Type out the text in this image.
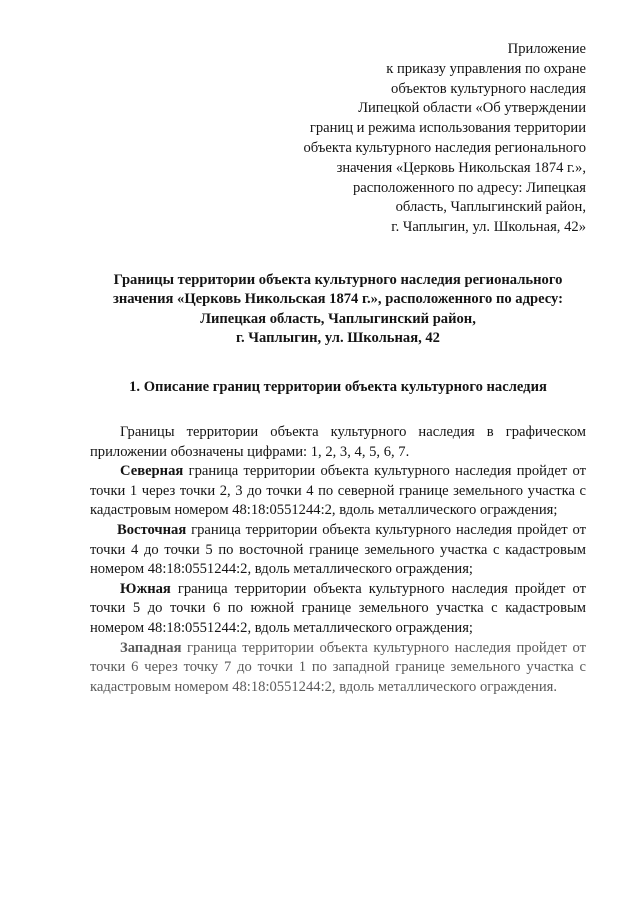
Приложение
к приказу управления по охране
объектов культурного наследия
Липецкой области «Об утверждении
границ и режима использования территории
объекта культурного наследия регионального
значения «Церковь Никольская 1874 г.»,
расположенного по адресу: Липецкая
область, Чаплыгинский район,
г. Чаплыгин, ул. Школьная, 42»
Границы территории объекта культурного наследия регионального
значения «Церковь Никольская 1874 г.», расположенного по адресу:
Липецкая область, Чаплыгинский район,
г. Чаплыгин, ул. Школьная, 42
1. Описание границ территории объекта культурного наследия

Границы территории объекта культурного наследия в графическом приложении обозначены цифрами: 1, 2, 3, 4, 5, 6, 7.

Северная граница территории объекта культурного наследия пройдет от точки 1 через точки 2, 3 до точки 4 по северной границе земельного участка с кадастровым номером 48:18:0551244:2, вдоль металлического ограждения;

Восточная граница территории объекта культурного наследия пройдет от точки 4 до точки 5 по восточной границе земельного участка с кадастровым номером 48:18:0551244:2, вдоль металлического ограждения;

Южная граница территории объекта культурного наследия пройдет от точки 5 до точки 6 по южной границе земельного участка с кадастровым номером 48:18:0551244:2, вдоль металлического ограждения;

Западная граница территории объекта культурного наследия пройдет от точки 6 через точку 7 до точки 1 по западной границе земельного участка с кадастровым номером 48:18:0551244:2, вдоль металлического ограждения.
